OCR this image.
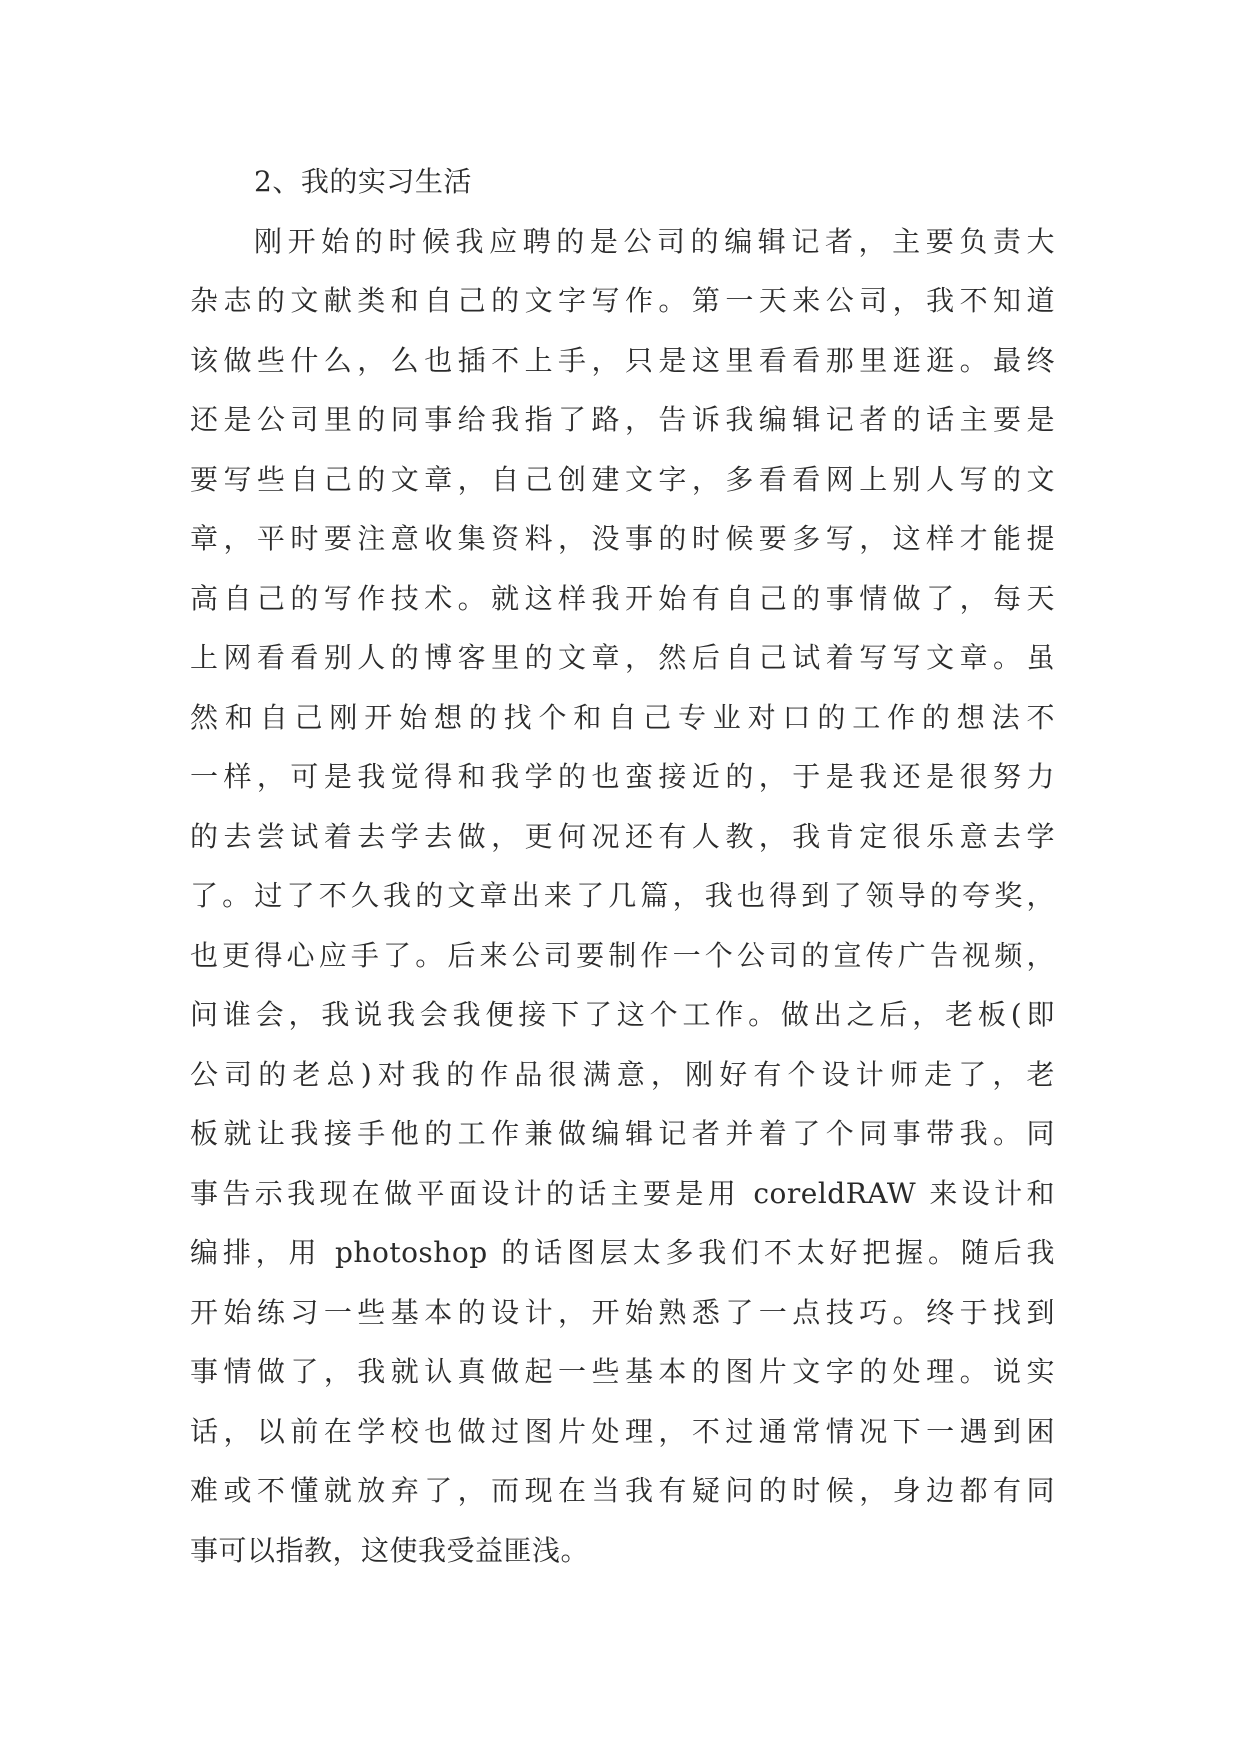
2、我的实习生活
刚开始的时候我应聘的是公司的编辑记者，主要负责大
杂志的文献类和自己的文字写作。第一天来公司，我不知道
该做些什么，么也插不上手，只是这里看看那里逛逛。最终
还是公司里的同事给我指了路，告诉我编辑记者的话主要是
要写些自己的文章，自己创建文字，多看看网上别人写的文
章，平时要注意收集资料，没事的时候要多写，这样才能提
高自己的写作技术。就这样我开始有自己的事情做了，每天
上网看看别人的博客里的文章，然后自己试着写写文章。虽
然和自己刚开始想的找个和自己专业对口的工作的想法不
一样，可是我觉得和我学的也蛮接近的，于是我还是很努力
的去尝试着去学去做，更何况还有人教，我肯定很乐意去学
了。过了不久我的文章出来了几篇，我也得到了领导的夸奖，
也更得心应手了。后来公司要制作一个公司的宣传广告视频，
问谁会，我说我会我便接下了这个工作。做出之后，老板(即
公司的老总)对我的作品很满意，刚好有个设计师走了，老
板就让我接手他的工作兼做编辑记者并着了个同事带我。同
事告示我现在做平面设计的话主要是用 coreldRAW 来设计和
编排，用 photoshop 的话图层太多我们不太好把握。随后我
开始练习一些基本的设计，开始熟悉了一点技巧。终于找到
事情做了，我就认真做起一些基本的图片文字的处理。说实
话，以前在学校也做过图片处理，不过通常情况下一遇到困
难或不懂就放弃了，而现在当我有疑问的时候，身边都有同
事可以指教，这使我受益匪浅。
